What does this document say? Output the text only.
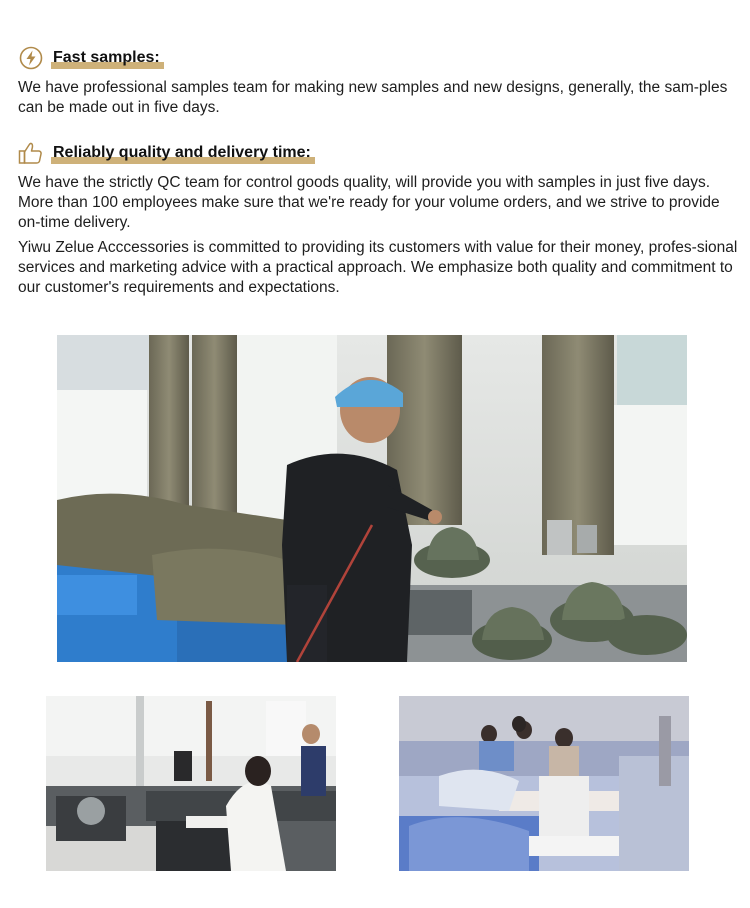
Fast samples:

We have professional samples team for making new samples and new designs, generally, the sam-ples can be made out in five days.

Reliably quality and delivery time:

We have the strictly QC team for control goods quality, will provide you with samples in just five days. More than 100 employees make sure that we're ready for your volume orders, and we strive to provide on-time delivery.

Yiwu Zelue Acccessories is committed to providing its customers with value for their money, profes-sional services and marketing advice with a practical approach. We emphasize both quality and commitment to our customer's requirements and expectations.
